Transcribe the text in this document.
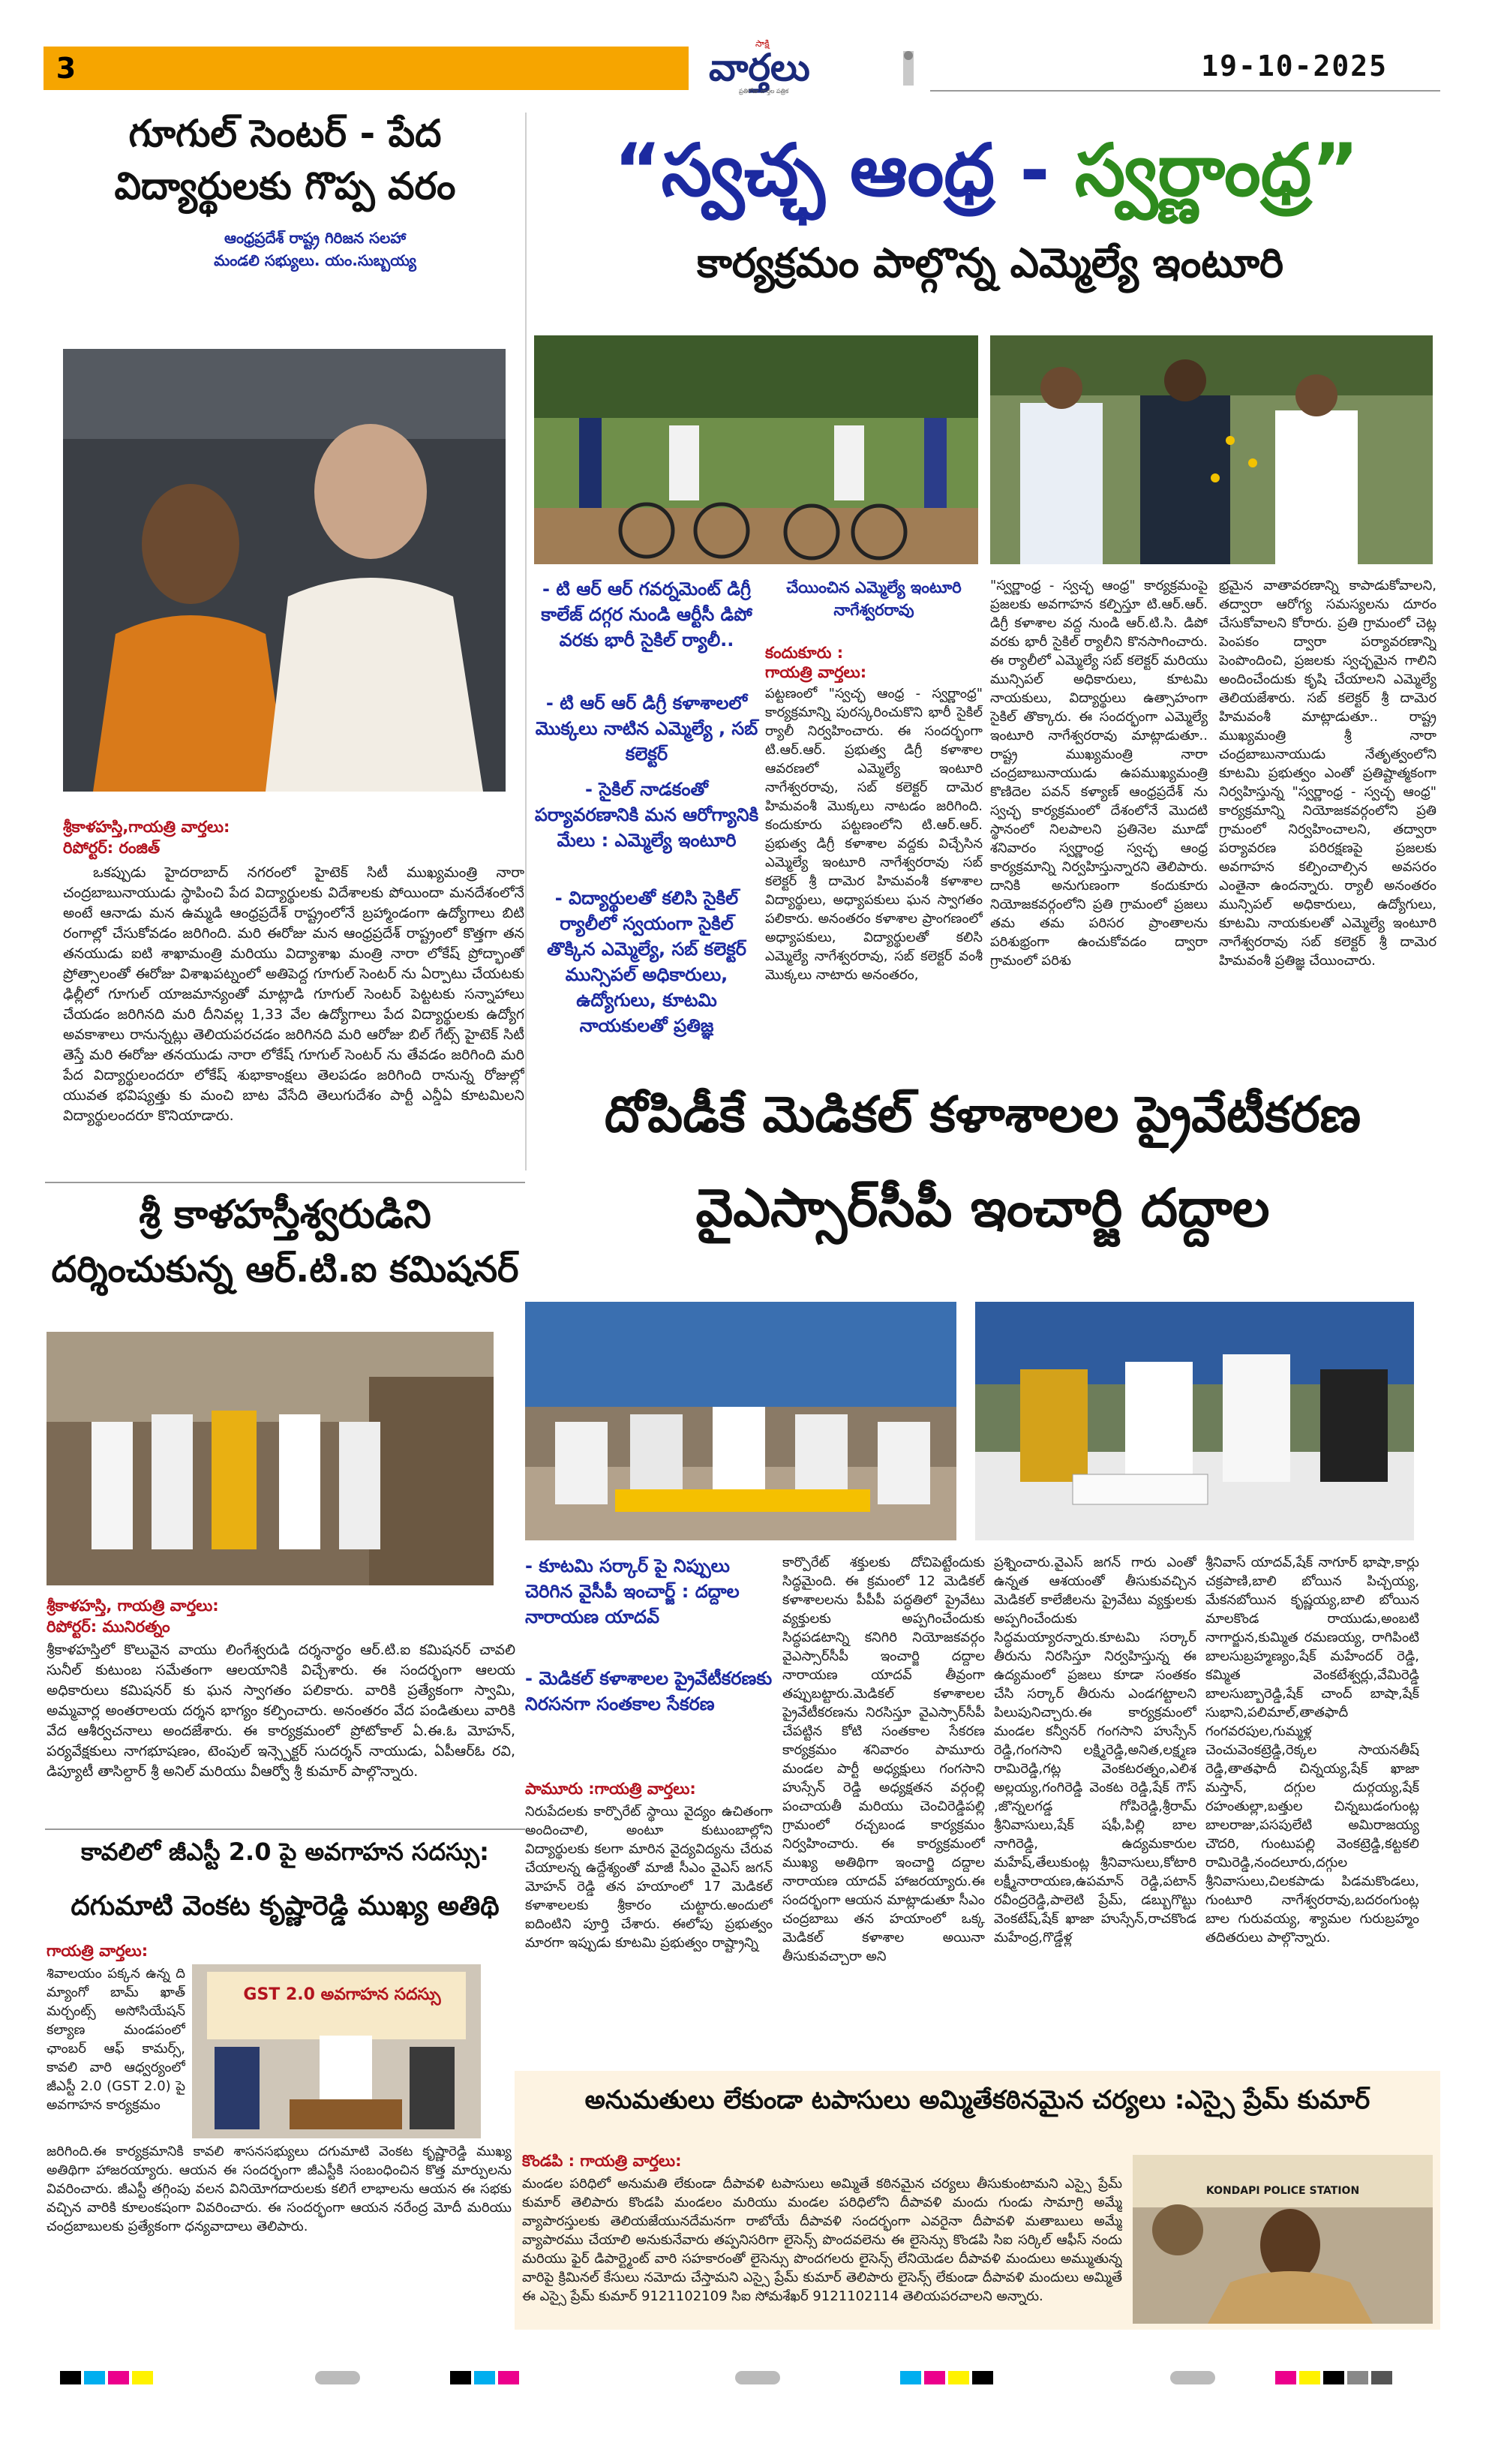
3
సాక్షి
వార్తలు
ప్రతిరోజు వార్తల పత్రిక
19-10-2025
గూగుల్ సెంటర్ - పేద
విద్యార్థులకు గొప్ప వరం
ఆంధ్రప్రదేశ్ రాష్ట్ర గిరిజన సలహా
మండలి సభ్యులు. యం.సుబ్బయ్య
శ్రీకాళహస్తి,గాయత్రి వార్తలు:
రిపోర్టర్: రంజిత్
ఒకప్పుడు హైదరాబాద్ నగరంలో హైటెక్ సిటీ ముఖ్యమంత్రి నారా చంద్రబాబునాయుడు స్థాపించి పేద విద్యార్థులకు విదేశాలకు పోయిందా మనదేశంలోనే అంటే ఆనాడు మన ఉమ్మడి ఆంధ్రప్రదేశ్ రాష్ట్రంలోనే బ్రహ్మాండంగా ఉద్యోగాలు బిటి రంగాల్లో చేసుకోవడం జరిగింది. మరి ఈరోజు మన ఆంధ్రప్రదేశ్ రాష్ట్రంలో కొత్తగా తన తనయుడు ఐటి శాఖామంత్రి మరియు విద్యాశాఖ మంత్రి నారా లోకేష్ ప్రోద్భాంతో ప్రోత్సాలంతో ఈరోజు విశాఖపట్నంలో అతిపెద్ద గూగుల్ సెంటర్ ను ఏర్పాటు చేయటకు ఢిల్లీలో గూగుల్ యాజమాన్యంతో మాట్లాడి గూగుల్ సెంటర్ పెట్టటకు సన్నాహాలు చేయడం జరిగినది మరి దీనివల్ల 1,33 వేల ఉద్యోగాలు పేద విద్యార్థులకు ఉద్యోగ అవకాశాలు రానున్నట్లు తెలియపరచడం జరిగినది మరి ఆరోజు బిల్ గేట్స్ హైటెక్ సిటీ తెస్తే మరి ఈరోజు తనయుడు నారా లోకేష్ గూగుల్ సెంటర్ ను తేవడం జరిగింది మరి పేద విద్యార్థులందరూ లోకేష్ శుభాకాంక్షలు తెలపడం జరిగింది రానున్న రోజుల్లో యువత భవిష్యత్తు కు మంచి బాట వేసేది తెలుగుదేశం పార్టీ ఎన్డీఏ కూటమిలని విద్యార్థులందరూ కొనియాడారు.
“స్వచ్ఛ ఆంధ్ర - స్వర్ణాంధ్ర”
కార్యక్రమం పాల్గొన్న ఎమ్మెల్యే ఇంటూరి
- టి ఆర్ ఆర్ గవర్నమెంట్ డిగ్రీ కాలేజ్ దగ్గర నుండి ఆర్టీసీ డిపో వరకు భారీ సైకిల్ ర్యాలీ..
- టి ఆర్ ఆర్ డిగ్రీ కళాశాలలో మొక్కలు నాటిన ఎమ్మెల్యే , సబ్ కలెక్టర్
- సైకిల్ నాడకంతో పర్యావరణానికి మన ఆరోగ్యానికి మేలు : ఎమ్మెల్యే ఇంటూరి
- విద్యార్థులతో కలిసి సైకిల్ ర్యాలీలో స్వయంగా సైకిల్ తొక్కిన ఎమ్మెల్యే, సబ్ కలెక్టర్ మున్సిపల్ అధికారులు, ఉద్యోగులు, కూటమి నాయకులతో ప్రతిజ్ఞ
చేయించిన ఎమ్మెల్యే ఇంటూరి నాగేశ్వరరావు
కందుకూరు :
గాయత్రి వార్తలు:
పట్టణంలో "స్వచ్ఛ ఆంధ్ర - స్వర్ణాంధ్ర" కార్యక్రమాన్ని పురస్కరించుకొని భారీ సైకిల్ ర్యాలీ నిర్వహించారు. ఈ సందర్భంగా టి.ఆర్.ఆర్. ప్రభుత్వ డిగ్రీ కళాశాల ఆవరణలో ఎమ్మెల్యే ఇంటూరి నాగేశ్వరరావు, సబ్ కలెక్టర్ దామెర హిమవంశీ మొక్కలు నాటడం జరిగింది. కందుకూరు పట్టణంలోని టి.ఆర్.ఆర్. ప్రభుత్వ డిగ్రీ కళాశాల వద్దకు విచ్చేసిన ఎమ్మెల్యే ఇంటూరి నాగేశ్వరరావు సబ్ కలెక్టర్ శ్రీ దామెర హిమవంశీ కళాశాల విద్యార్థులు, అధ్యాపకులు ఘన స్వాగతం పలికారు. అనంతరం కళాశాల ప్రాంగణంలో అధ్యాపకులు, విద్యార్థులతో కలిసి ఎమ్మెల్యే నాగేశ్వరరావు, సబ్ కలెక్టర్ వంశీ మొక్కలు నాటారు అనంతరం,
"స్వర్ణాంధ్ర - స్వచ్ఛ ఆంధ్ర" కార్యక్రమంపై ప్రజలకు అవగాహన కల్పిస్తూ టి.ఆర్.ఆర్. డిగ్రీ కళాశాల వద్ద నుండి ఆర్.టి.సి. డిపో వరకు భారీ సైకిల్ ర్యాలీని కొనసాగించారు. ఈ ర్యాలీలో ఎమ్మెల్యే సబ్ కలెక్టర్ మరియు మున్సిపల్ అధికారులు, కూటమి నాయకులు, విద్యార్థులు ఉత్సాహంగా సైకిల్ తొక్కారు. ఈ సందర్భంగా ఎమ్మెల్యే ఇంటూరి నాగేశ్వరరావు మాట్లాడుతూ.. రాష్ట్ర ముఖ్యమంత్రి నారా చంద్రబాబునాయుడు ఉపముఖ్యమంత్రి కొణిదెల పవన్ కళ్యాణ్ ఆంధ్రప్రదేశ్ ను స్వచ్ఛ కార్యక్రమంలో దేశంలోనే మొదటి స్థానంలో నిలపాలని ప్రతినెల మూడో శనివారం స్వర్ణాంధ్ర స్వచ్ఛ ఆంధ్ర కార్యక్రమాన్ని నిర్వహిస్తున్నారని తెలిపారు. దానికి అనుగుణంగా కందుకూరు నియోజకవర్గంలోని ప్రతి గ్రామంలో ప్రజలు తమ తమ పరిసర ప్రాంతాలను పరిశుభ్రంగా ఉంచుకోవడం ద్వారా గ్రామంలో పరిశు
భ్రమైన వాతావరణాన్ని కాపాడుకోవాలని, తద్వారా ఆరోగ్య సమస్యలను దూరం చేసుకోవాలని కోరారు. ప్రతి గ్రామంలో చెట్ల పెంపకం ద్వారా పర్యావరణాన్ని పెంపొందించి, ప్రజలకు స్వచ్ఛమైన గాలిని అందించేందుకు కృషి చేయాలని ఎమ్మెల్యే తెలియజేశారు. సబ్ కలెక్టర్ శ్రీ దామెర హిమవంశీ మాట్లాడుతూ.. రాష్ట్ర ముఖ్యమంత్రి శ్రీ నారా చంద్రబాబునాయుడు నేతృత్వంలోని కూటమి ప్రభుత్వం ఎంతో ప్రతిష్టాత్మకంగా నిర్వహిస్తున్న "స్వర్ణాంధ్ర - స్వచ్ఛ ఆంధ్ర" కార్యక్రమాన్ని నియోజకవర్గంలోని ప్రతి గ్రామంలో నిర్వహించాలని, తద్వారా పర్యావరణ పరిరక్షణపై ప్రజలకు అవగాహన కల్పించాల్సిన అవసరం ఎంతైనా ఉందన్నారు. ర్యాలీ అనంతరం మున్సిపల్ అధికారులు, ఉద్యోగులు, కూటమి నాయకులతో ఎమ్మెల్యే ఇంటూరి నాగేశ్వరరావు సబ్ కలెక్టర్ శ్రీ దామెర హిమవంశీ ప్రతిజ్ఞ చేయించారు.
దోపిడీకే మెడికల్ కళాశాలల ప్రైవేటీకరణ
వైఎస్సార్‌సీపీ ఇంచార్జి దద్దాల
- కూటమి సర్కార్ పై నిప్పులు చెరిగిన వైసీపీ ఇంచార్జ్ : దద్దాల నారాయణ యాదవ్
- మెడికల్ కళాశాలల ప్రైవేటీకరణకు నిరసనగా సంతకాల సేకరణ
పామూరు :గాయత్రి వార్తలు:
నిరుపేదలకు కార్పొరేట్ స్థాయి వైద్యం ఉచితంగా అందించాలి, అంటూ కుటుంబాల్లోని విద్యార్థులకు కలగా మారిన వైద్యవిద్యను చేరువ చేయాలన్న ఉద్దేశ్యంతో మాజీ సీఎం వైఎస్ జగన్ మోహన్ రెడ్డి తన హయాంలో 17 మెడికల్ కళాశాలలకు శ్రీకారం చుట్టారు.అందులో ఐదింటిని పూర్తి చేశారు. ఈలోపు ప్రభుత్వం మారగా ఇప్పుడు కూటమి ప్రభుత్వం రాష్ట్రాన్ని
కార్పొరేట్ శక్తులకు దోచిపెట్టేందుకు సిద్ధమైంది. ఈ క్రమంలో 12 మెడికల్ కళాశాలలను పీపీపీ పద్ధతిలో ప్రైవేటు వ్యక్తులకు అప్పగించేందుకు సిద్ధపడటాన్ని కనిగిరి నియోజకవర్గం వైఎస్సార్‌సీపీ ఇంచార్జి దద్దాల నారాయణ యాదవ్ తీవ్రంగా తప్పుబట్టారు.మెడికల్ కళాశాలల ప్రైవేటీకరణను నిరసిస్తూ వైఎస్సార్‌సీపీ చేపట్టిన కోటి సంతకాల సేకరణ కార్యక్రమం శనివారం పామూరు మండల పార్టీ అధ్యక్షులు గంగసాని హుస్సేన్ రెడ్డి అధ్యక్షతన వర్గంల్లి పంచాయతీ మరియు చెంచిరెడ్డిపల్లి గ్రామంలో రచ్చబండ కార్యక్రమం నిర్వహించారు. ఈ కార్యక్రమంలో ముఖ్య అతిథిగా ఇంచార్జి దద్దాల నారాయణ యాదవ్ హాజరయ్యారు.ఈ సందర్భంగా ఆయన మాట్లాడుతూ సీఎం చంద్రబాబు తన హయాంలో ఒక్క మెడికల్ కళాశాల అయినా తీసుకువచ్చారా అని
ప్రశ్నించారు.వైఎస్ జగన్ గారు ఎంతో ఉన్నత ఆశయంతో తీసుకువచ్చిన మెడికల్ కాలేజీలను ప్రైవేటు వ్యక్తులకు అప్పగించేందుకు సిద్ధమయ్యారన్నారు.కూటమి సర్కార్ తీరును నిరసిస్తూ నిర్వహిస్తున్న ఈ ఉద్యమంలో ప్రజలు కూడా సంతకం చేసి సర్కార్ తీరును ఎండగట్టాలని పిలుపునిచ్చారు.ఈ కార్యక్రమంలో మండల కన్వీనర్ గంగసాని హుస్సేన్ రెడ్డి,గంగసాని లక్ష్మిరెడ్డి,అనిత,లక్ష్మణ రామిరెడ్డి,గట్ల వెంకటరత్నం,ఎలిశ అల్లయ్య,గంగిరెడ్డి వెంకట రెడ్డి,షేక్ గౌస్ ,జొన్నలగడ్డ గోపిరెడ్డి,శ్రీరామ్ శ్రీనివాసులు,షేక్ షఫీ,పిల్లి బాల నాగిరెడ్డి, ఉద్యమకారుల మహేష్,తేలుకుంట్ల శ్రీనివాసులు,కోటారి లక్ష్మీనారాయణ,ఉపమాన్ రెడ్డి,పటాన్ రవీంద్రరెడ్డి,పాలెటి ప్రేమ్, డబ్బుగొట్టు వెంకటేష్,షేక్ ఖాజా హుస్సేన్,రాచకొండ మహేంద్ర,గొడ్డేళ్ల
శ్రీనివాస్ యాదవ్,షేక్ నాగూర్ భాషా,కార్లు చక్రపాణి,బాలి బోయిన పిచ్చయ్య, మేకనబోయిన కృష్ణయ్య,బాలి బోయిన మాలకొండ రాయుడు,అంబటి నాగార్జున,కుమ్మిత రమణయ్య, రాగిపింటి బాలసుబ్రహ్మణ్యం,షేక్ మహేందర్ రెడ్డి, కమ్మిత వెంకటేశ్వర్లు,వేమిరెడ్డి బాలసుబ్బారెడ్డి,షేక్ చాంద్ బాషా,షేక్ సుభాని,పలిమాల్,తాతఫాదీ గంగవరపుల,గుమ్మళ్ల చెంచువెంకట్రెడ్డి,రెక్కల సాయనతీష్ రెడ్డి,తాతఫాదీ చిన్నయ్య,షేక్ ఖాజా మస్తాన్, దగ్గుల దుర్గయ్య,షేక్ రహంతుల్లా,బత్తుల చిన్నబుడంగుంట్ల బాలరాజు,పసపులేటి అమిరాజయ్య చౌదరి, గుంటుపల్లి వెంకట్రెడ్డి,కట్టకలి రామిరెడ్డి,నందలూరు,దగ్గుల శ్రీనివాసులు,చిలకపాడు పిడమకొండలు, గుంటూరి నాగేశ్వరరావు,బదరంగుంట్ల బాల గురువయ్య, శ్యామల గురుబ్రహ్మం తదితరులు పాల్గొన్నారు.
శ్రీ కాళహస్తీశ్వరుడిని
దర్శించుకున్న ఆర్.టి.ఐ కమిషనర్
శ్రీకాళహస్తి, గాయత్రి వార్తలు:
రిపోర్టర్: మునిరత్నం
శ్రీకాళహస్తిలో కొలువైన వాయు లింగేశ్వరుడి దర్శనార్థం ఆర్.టి.ఐ కమిషనర్ చావలి సునీల్ కుటుంబ సమేతంగా ఆలయానికి విచ్చేశారు. ఈ సందర్భంగా ఆలయ అధికారులు కమిషనర్ కు ఘన స్వాగతం పలికారు. వారికి ప్రత్యేకంగా స్వామి, అమ్మవార్ల అంతరాలయ దర్శన భాగ్యం కల్పించారు. అనంతరం వేద పండితులు వారికి వేద ఆశీర్వచనాలు అందజేశారు. ఈ కార్యక్రమంలో ప్రోటోకాల్ ఏ.ఈ.ఓ మోహన్, పర్యవేక్షకులు నాగభూషణం, టెంపుల్ ఇన్స్పెక్టర్ సుదర్శన్ నాయుడు, ఏపీఆర్ఓ రవి, డిప్యూటీ తాసిల్దార్ శ్రీ అనిల్ మరియు వీఆర్వో శ్రీ కుమార్ పాల్గొన్నారు.
కావలిలో జీఎస్టీ 2.0 పై అవగాహన సదస్సు:
దగుమాటి వెంకట కృష్ణారెడ్డి ముఖ్య అతిథి
గాయత్రి వార్తలు:
శివాలయం పక్కన ఉన్న ది మ్యాంగో బామ్ ఖాత్ మర్చంట్స్ అసోసియేషన్ కల్యాణ మండపంలో ఛాంబర్ ఆఫ్ కామర్స్, కావలి వారి ఆధ్వర్యంలో జీఎస్టీ 2.0 (GST 2.0) పై అవగాహన కార్యక్రమం
GST 2.0 అవగాహన సదస్సు
జరిగింది.ఈ కార్యక్రమానికి కావలి శాసనసభ్యులు దగుమాటి వెంకట కృష్ణారెడ్డి ముఖ్య అతిథిగా హాజరయ్యారు. ఆయన ఈ సందర్భంగా జీఎస్టీకి సంబంధించిన కొత్త మార్పులను వివరించారు. జీఎస్టీ తగ్గింపు వలన వినియోగదారులకు కలిగే లాభాలను ఆయన ఈ సభకు వచ్చిన వారికి కూలంకషంగా వివరించారు. ఈ సందర్భంగా ఆయన నరేంద్ర మోదీ మరియు చంద్రబాబులకు ప్రత్యేకంగా ధన్యవాదాలు తెలిపారు.
అనుమతులు లేకుండా టపాసులు అమ్మితేకఠినమైన చర్యలు :ఎస్సై ప్రేమ్ కుమార్
కొండపి : గాయత్రి వార్తలు:
మండల పరిధిలో అనుమతి లేకుండా దీపావళి టపాసులు అమ్మితే కఠినమైన చర్యలు తీసుకుంటామని ఎస్సై ప్రేమ్ కుమార్ తెలిపారు కొండపి మండలం మరియు మండల పరిధిలోని దీపావళి మందు గుండు సామాగ్రి అమ్మే వ్యాపారస్తులకు తెలియజేయునదేమనగా రాబోయే దీపావళి సందర్భంగా ఎవరైనా దీపావళి మతాబులు అమ్మే వ్యాపారము చేయాలి అనుకునేవారు తప్పనిసరిగా లైసెన్స్ పొందవలెను ఈ లైసెన్సు కొండపి సిఐ సర్కిల్ ఆఫీస్ నందు మరియు ఫైర్ డిపార్ట్మెంట్ వారి సహకారంతో లైసెన్సు పొందగలరు లైసెన్స్ లేనియెడల దీపావళి మందులు అమ్ముతున్న వారిపై క్రిమినల్ కేసులు నమోదు చేస్తామని ఎస్సై ప్రేమ్ కుమార్ తెలిపారు లైసెన్స్ లేకుండా దీపావళి మందులు అమ్మితే ఈ ఎస్సై ప్రేమ్ కుమార్ 9121102109 సిఐ సోమశేఖర్ 9121102114 తెలియపరచాలని అన్నారు.
KONDAPI POLICE STATION
